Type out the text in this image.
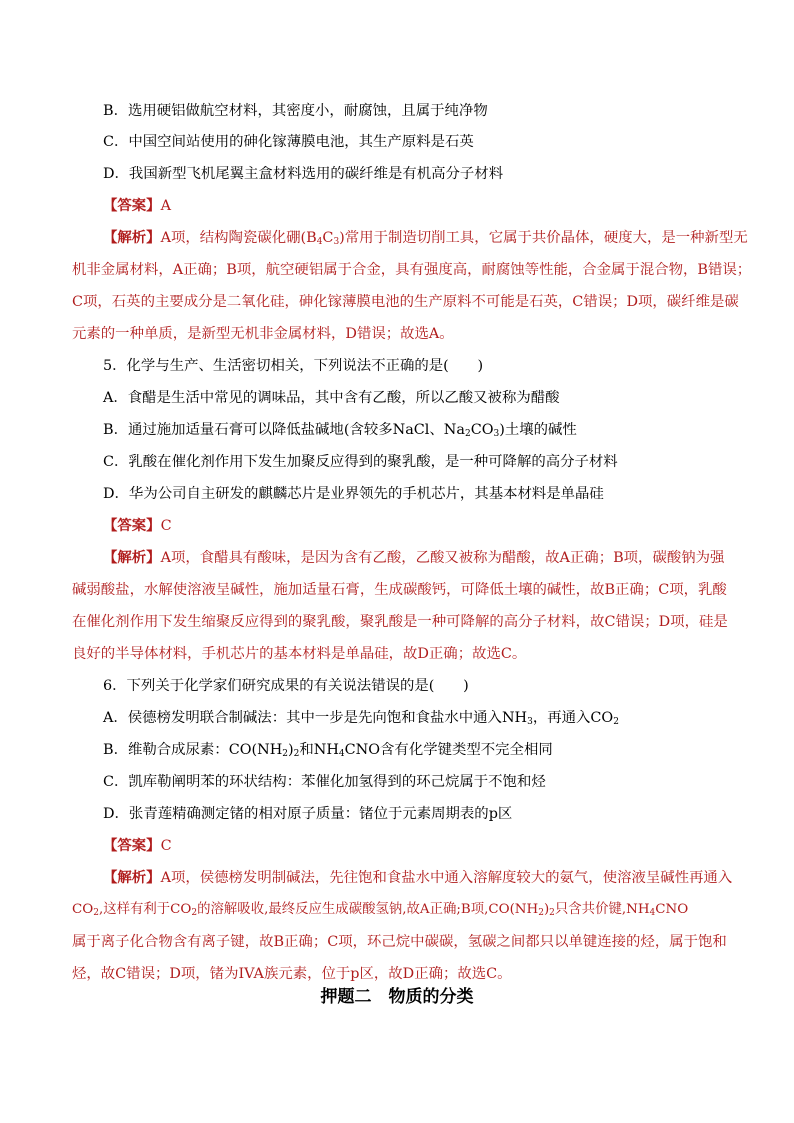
B．选用硬铝做航空材料，其密度小，耐腐蚀，且属于纯净物
C．中国空间站使用的砷化镓薄膜电池，其生产原料是石英
D．我国新型飞机尾翼主盒材料选用的碳纤维是有机高分子材料
【答案】A
【解析】A项，结构陶瓷碳化硼$(B_4C_3)$常用于制造切削工具，它属于共价晶体，硬度大，是一种新型无
机非金属材料，A正确；B项，航空硬铝属于合金，具有强度高，耐腐蚀等性能，合金属于混合物，B错误；
C项，石英的主要成分是二氧化硅，砷化镓薄膜电池的生产原料不可能是石英，C错误；D项，碳纤维是碳
元素的一种单质，是新型无机非金属材料，D错误；故选A。
5．化学与生产、生活密切相关，下列说法不正确的是(　　)
A．食醋是生活中常见的调味品，其中含有乙酸，所以乙酸又被称为醋酸
B．通过施加适量石膏可以降低盐碱地(含较多NaCl、$Na_2CO_3$)土壤的碱性
C．乳酸在催化剂作用下发生加聚反应得到的聚乳酸，是一种可降解的高分子材料
D．华为公司自主研发的麒麟芯片是业界领先的手机芯片，其基本材料是单晶硅
【答案】C
【解析】A项，食醋具有酸味，是因为含有乙酸，乙酸又被称为醋酸，故A正确；B项，碳酸钠为强
碱弱酸盐，水解使溶液呈碱性，施加适量石膏，生成碳酸钙，可降低土壤的碱性，故B正确；C项，乳酸
在催化剂作用下发生缩聚反应得到的聚乳酸，聚乳酸是一种可降解的高分子材料，故C错误；D项，硅是
良好的半导体材料，手机芯片的基本材料是单晶硅，故D正确；故选C。
6．下列关于化学家们研究成果的有关说法错误的是(　　)
A．侯德榜发明联合制碱法：其中一步是先向饱和食盐水中通入$NH_3$，再通入$CO_2$
B．维勒合成尿素：$CO(NH_2)_2$和$NH_4CNO$含有化学键类型不完全相同
C．凯库勒阐明苯的环状结构：苯催化加氢得到的环己烷属于不饱和烃
D．张青莲精确测定锗的相对原子质量：锗位于元素周期表的p区
【答案】C
【解析】A项，侯德榜发明制碱法，先往饱和食盐水中通入溶解度较大的氨气，使溶液呈碱性再通入
$CO_2$,这样有利于$CO_2$的溶解吸收,最终反应生成碳酸氢钠,故A正确;B项$,CO(NH_2)_2$只含共价键$,NH_4CNO$
属于离子化合物含有离子键，故B正确；C项，环己烷中碳碳，氢碳之间都只以单键连接的烃，属于饱和
烃，故C错误；D项，锗为IVA族元素，位于p区，故D正确；故选C。
押题二　物质的分类
